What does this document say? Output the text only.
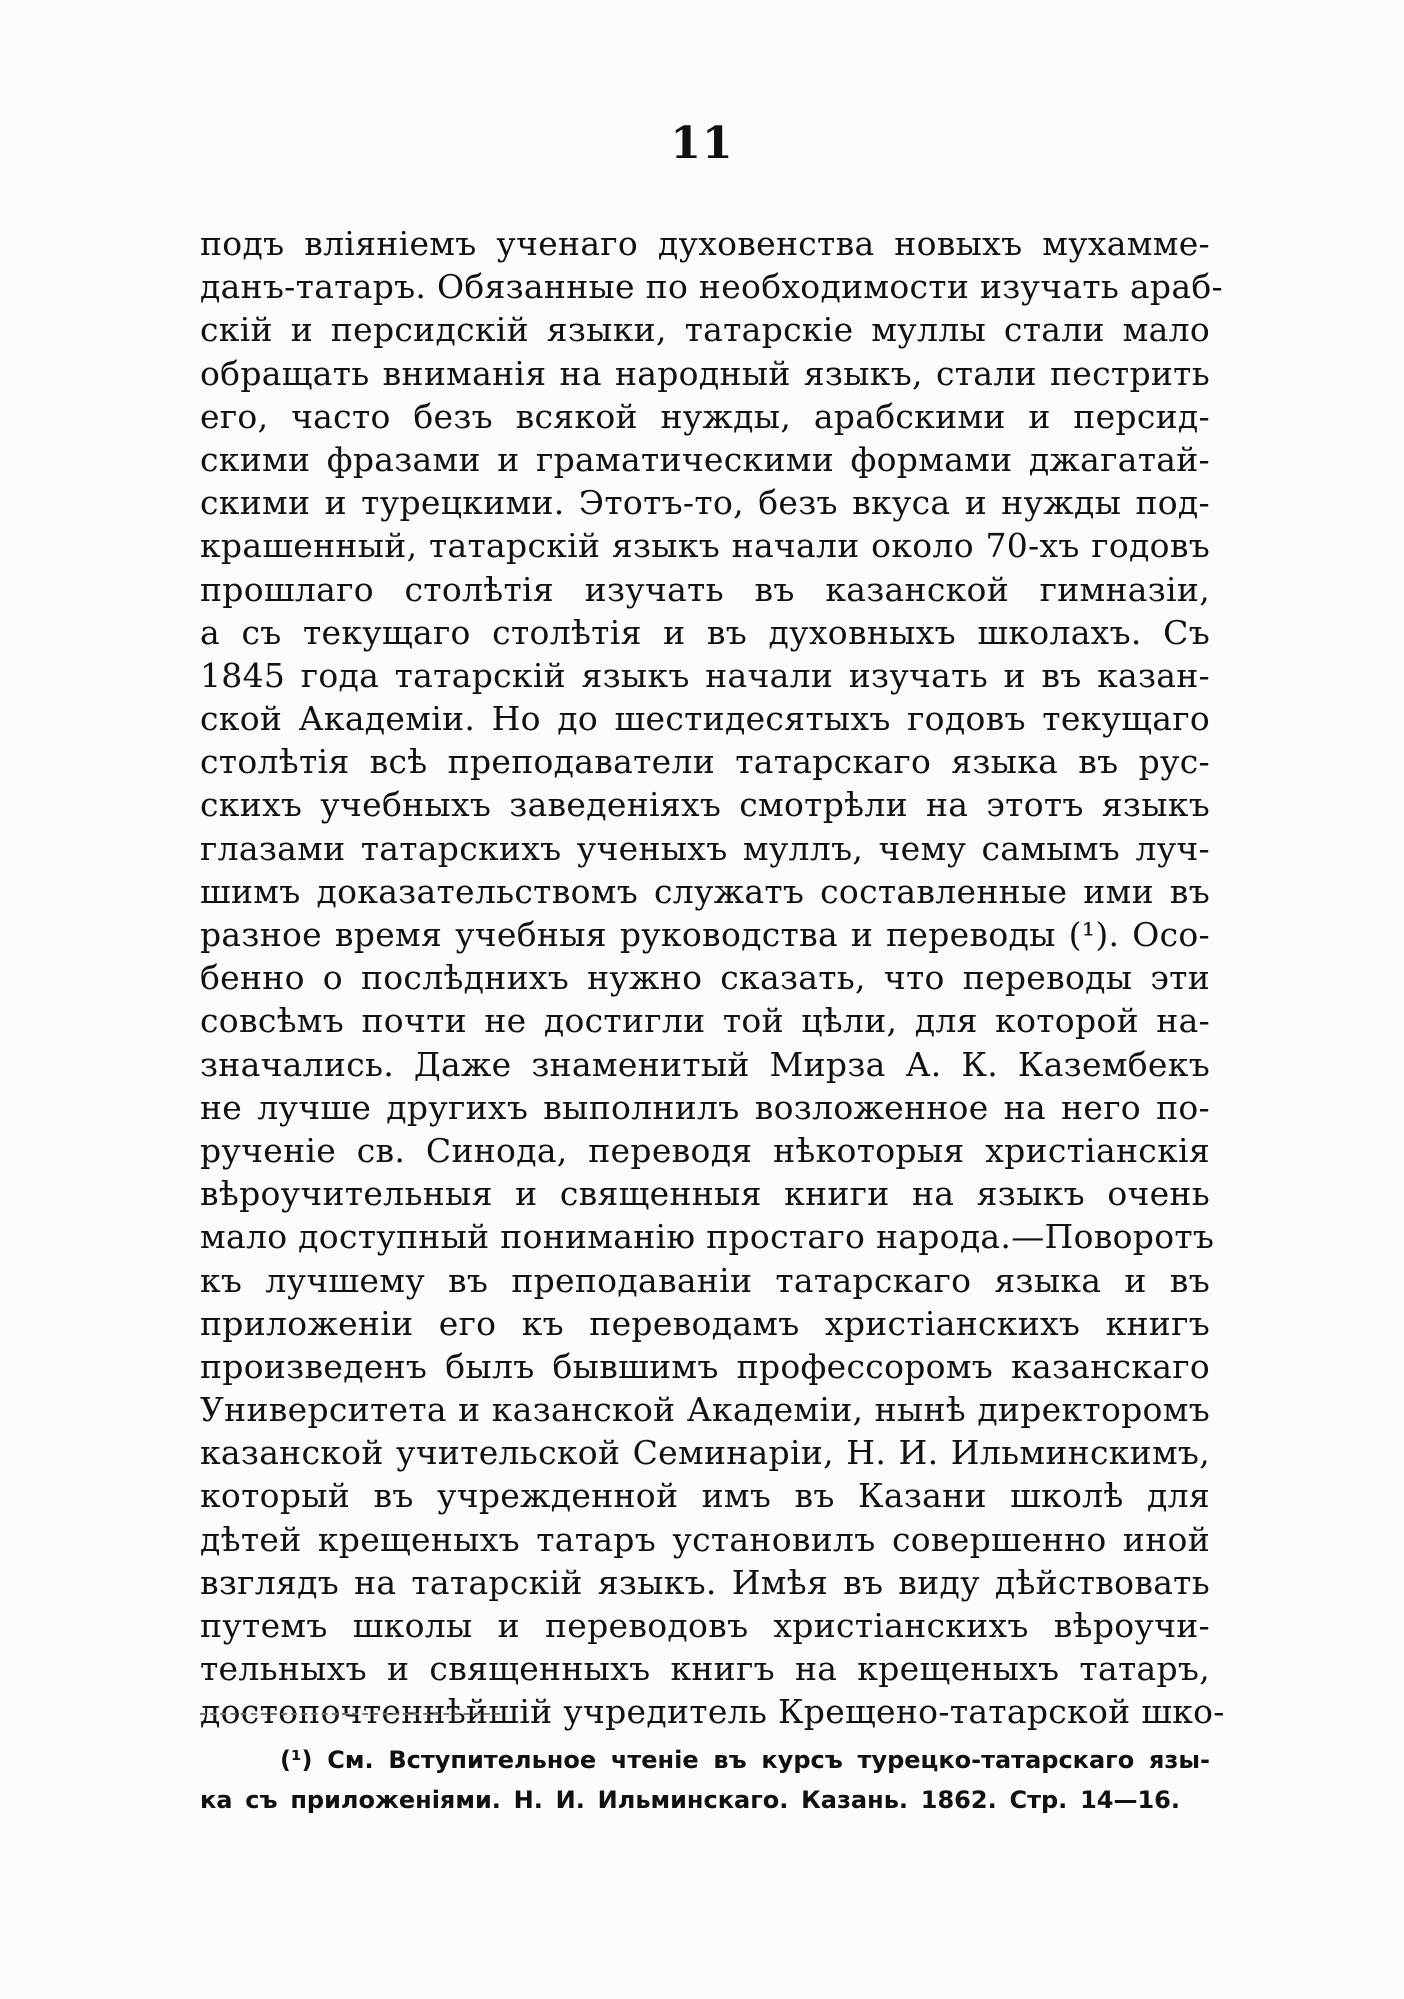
11
подъ вліяніемъ ученаго духовенства новыхъ мухамме-
данъ-татаръ. Обязанные по необходимости изучать араб-
скій и персидскій языки, татарскіе муллы стали мало
обращать вниманія на народный языкъ, стали пестрить
его, часто безъ всякой нужды, арабскими и персид-
скими фразами и граматическими формами джагатай-
скими и турецкими. Этотъ-то, безъ вкуса и нужды под-
крашенный, татарскій языкъ начали около 70-хъ годовъ
прошлаго столѣтія изучать въ казанской гимназіи,
а съ текущаго столѣтія и въ духовныхъ школахъ. Съ
1845 года татарскій языкъ начали изучать и въ казан-
ской Академіи. Но до шестидесятыхъ годовъ текущаго
столѣтія всѣ преподаватели татарскаго языка въ рус-
скихъ учебныхъ заведеніяхъ смотрѣли на этотъ языкъ
глазами татарскихъ ученыхъ муллъ, чему самымъ луч-
шимъ доказательствомъ служатъ составленные ими въ
разное время учебныя руководства и переводы (¹). Осо-
бенно о послѣднихъ нужно сказать, что переводы эти
совсѣмъ почти не достигли той цѣли, для которой на-
значались. Даже знаменитый Мирза А. К. Казембекъ
не лучше другихъ выполнилъ возложенное на него по-
рученіе св. Синода, переводя нѣкоторыя христіанскія
вѣроучительныя и священныя книги на языкъ очень
мало доступный пониманію простаго народа.—Поворотъ
къ лучшему въ преподаваніи татарскаго языка и въ
приложеніи его къ переводамъ христіанскихъ книгъ
произведенъ былъ бывшимъ профессоромъ казанскаго
Университета и казанской Академіи, нынѣ директоромъ
казанской учительской Семинаріи, Н. И. Ильминскимъ,
который въ учрежденной имъ въ Казани школѣ для
дѣтей крещеныхъ татаръ установилъ совершенно иной
взглядъ на татарскій языкъ. Имѣя въ виду дѣйствовать
путемъ школы и переводовъ христіанскихъ вѣроучи-
тельныхъ и священныхъ книгъ на крещеныхъ татаръ,
достопочтеннѣйшій учредитель Крещено-татарской шко-
(¹) См. Вступительное чтеніе въ курсъ турецко-татарскаго язы-
ка съ приложеніями. Н. И. Ильминскаго. Казань. 1862. Стр. 14—16.
